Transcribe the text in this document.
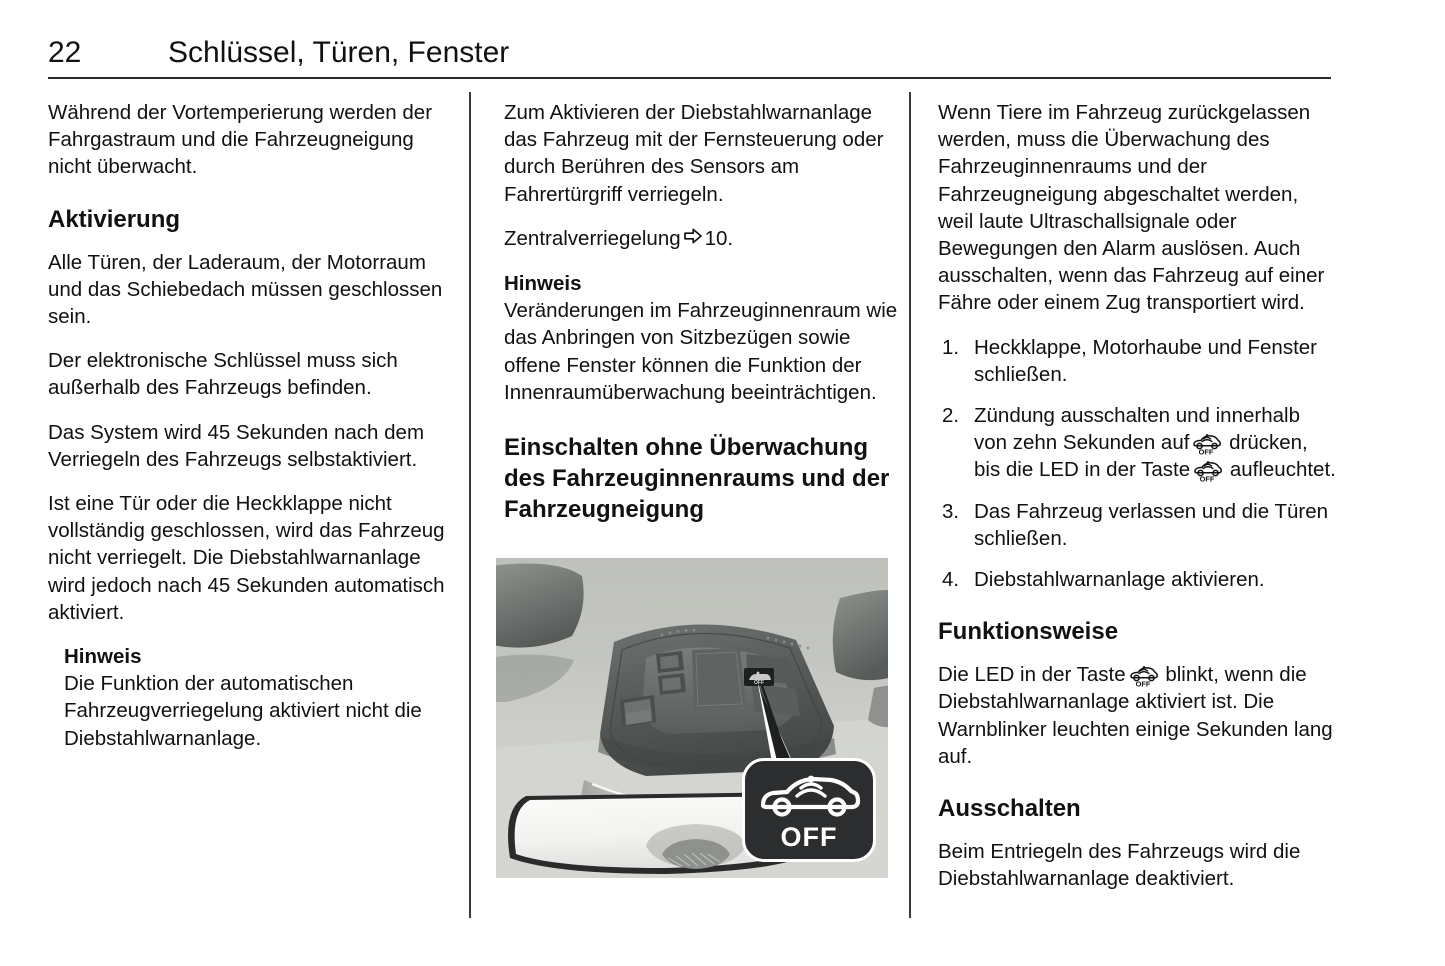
22	Schlüssel, Türen, Fenster

Während der Vortemperierung werden der Fahrgastraum und die Fahrzeugneigung nicht überwacht.

Aktivierung

Alle Türen, der Laderaum, der Motorraum und das Schiebedach müssen geschlossen sein.

Der elektronische Schlüssel muss sich außerhalb des Fahrzeugs befinden.

Das System wird 45 Sekunden nach dem Verriegeln des Fahrzeugs selbstaktiviert.

Ist eine Tür oder die Heckklappe nicht vollständig geschlossen, wird das Fahrzeug nicht verriegelt. Die Diebstahlwarnanlage wird jedoch nach 45 Sekunden automatisch aktiviert.

Hinweis
Die Funktion der automatischen Fahrzeugverriegelung aktiviert nicht die Diebstahlwarnanlage.

Zum Aktivieren der Diebstahlwarnanlage das Fahrzeug mit der Fernsteuerung oder durch Berühren des Sensors am Fahrertürgriff verriegeln.

Zentralverriegelung 10.

Hinweis
Veränderungen im Fahrzeuginnenraum wie das Anbringen von Sitzbezügen sowie offene Fenster können die Funktion der Innenraumüberwachung beeinträchtigen.
Einschalten ohne Überwachung des Fahrzeuginnenraums und der Fahrzeugneigung
OFF
OFF

Wenn Tiere im Fahrzeug zurückgelassen werden, muss die Überwachung des Fahrzeuginnenraums und der Fahrzeugneigung abgeschaltet werden, weil laute Ultraschallsignale oder Bewegungen den Alarm auslösen. Auch ausschalten, wenn das Fahrzeug auf einer Fähre oder einem Zug transportiert wird.

1. Heckklappe, Motorhaube und Fenster schließen.
2. Zündung ausschalten und innerhalb von zehn Sekunden auf OFF drücken, bis die LED in der Taste OFF aufleuchtet.
3. Das Fahrzeug verlassen und die Türen schließen.
4. Diebstahlwarnanlage aktivieren.
Funktionsweise

Die LED in der Taste OFF blinkt, wenn die Diebstahlwarnanlage aktiviert ist. Die Warnblinker leuchten einige Sekunden lang auf.

Ausschalten

Beim Entriegeln des Fahrzeugs wird die Diebstahlwarnanlage deaktiviert.
